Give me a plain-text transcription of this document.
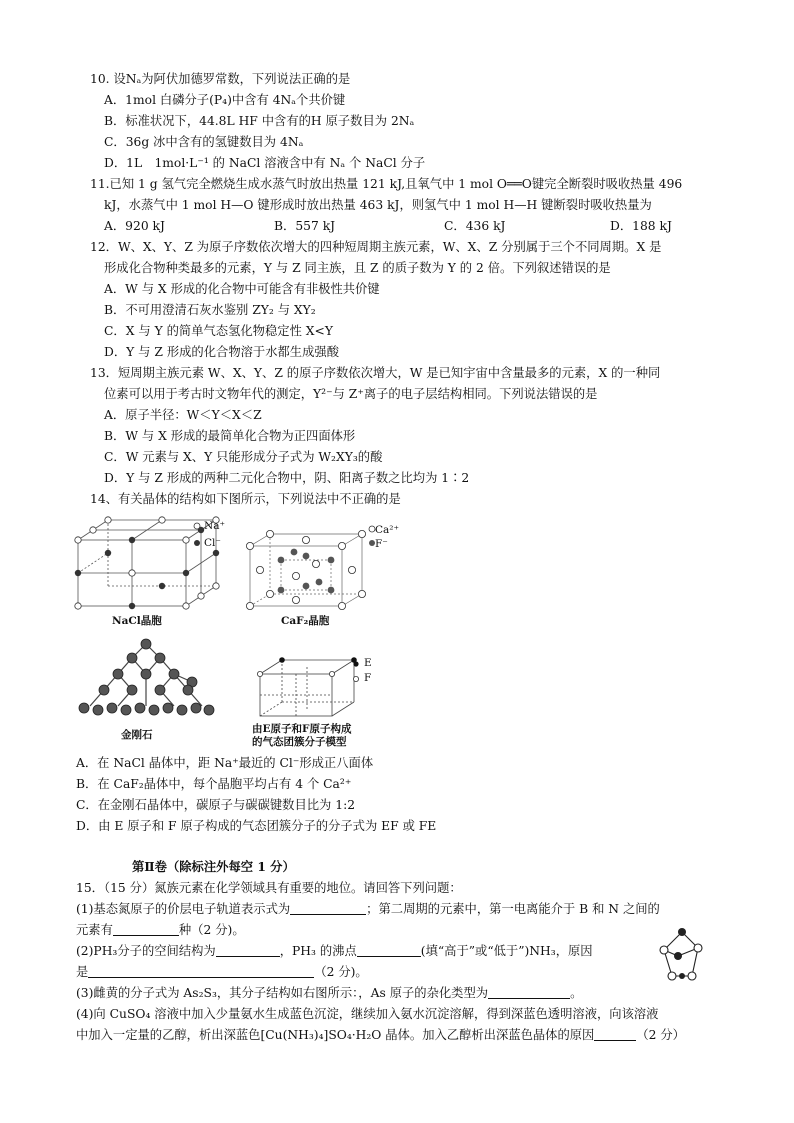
10. 设Nₐ为阿伏加德罗常数，下列说法正确的是
A．1mol 白磷分子(P₄)中含有 4Nₐ个共价键
B．标准状况下，44.8L HF 中含有的H 原子数目为 2Nₐ
C．36g 冰中含有的氢键数目为 4Nₐ
D．1L　1mol·L⁻¹ 的 NaCl 溶液含中有 Nₐ 个 NaCl 分子
11.已知 1 g 氢气完全燃烧生成水蒸气时放出热量 121 kJ,且氧气中 1 mol O══O键完全断裂时吸收热量 496
kJ，水蒸气中 1 mol H—O 键形成时放出热量 463 kJ，则氢气中 1 mol H—H 键断裂时吸收热量为
A．920 kJ	B．557 kJ	C．436 kJ	D．188 kJ
12．W、X、Y、Z 为原子序数依次增大的四种短周期主族元素，W、X、Z 分别属于三个不同周期。X 是
形成化合物种类最多的元素，Y 与 Z 同主族，且 Z 的质子数为 Y 的 2 倍。下列叙述错误的是
A．W 与 X 形成的化合物中可能含有非极性共价键
B．不可用澄清石灰水鉴别 ZY₂ 与 XY₂
C．X 与 Y 的简单气态氢化物稳定性 X<Y
D．Y 与 Z 形成的化合物溶于水都生成强酸
13．短周期主族元素 W、X、Y、Z 的原子序数依次增大，W 是已知宇宙中含量最多的元素，X 的一种同
位素可以用于考古时文物年代的测定，Y²⁻与 Z⁺离子的电子层结构相同。下列说法错误的是
A．原子半径：W＜Y＜X＜Z
B．W 与 X 形成的最简单化合物为正四面体形
C．W 元素与 X、Y 只能形成分子式为 W₂XY₃的酸
D．Y 与 Z 形成的两种二元化合物中，阴、阳离子数之比均为 1∶2
14、有关晶体的结构如下图所示，下列说法中不正确的是
Na⁺
Cl⁻
NaCl晶胞
Ca²⁺
F⁻
CaF₂晶胞
金刚石
E
F
由E原子和F原子构成
的气态团簇分子模型
A．在 NaCl 晶体中，距 Na⁺最近的 Cl⁻形成正八面体
B．在 CaF₂晶体中，每个晶胞平均占有 4 个 Ca²⁺
C．在金刚石晶体中，碳原子与碳碳键数目比为 1:2
D．由 E 原子和 F 原子构成的气态团簇分子的分子式为 EF 或 FE
第Ⅱ卷（除标注外每空 1 分）
15．（15 分）氮族元素在化学领域具有重要的地位。请回答下列问题：
(1)基态氮原子的价层电子轨道表示式为	；第二周期的元素中，第一电离能介于 B 和 N 之间的
元素有	种（2 分)。
(2)PH₃分子的空间结构为	，PH₃ 的沸点	(填“高于”或“低于”)NH₃，原因
是	（2 分)。
(3)雌黄的分子式为 As₂S₃，其分子结构如右图所示：，As 原子的杂化类型为	。
(4)向 CuSO₄ 溶液中加入少量氨水生成蓝色沉淀，继续加入氨水沉淀溶解，得到深蓝色透明溶液，向该溶液
中加入一定量的乙醇，析出深蓝色[Cu(NH₃)₄]SO₄·H₂O 晶体。加入乙醇析出深蓝色晶体的原因	（2 分）
